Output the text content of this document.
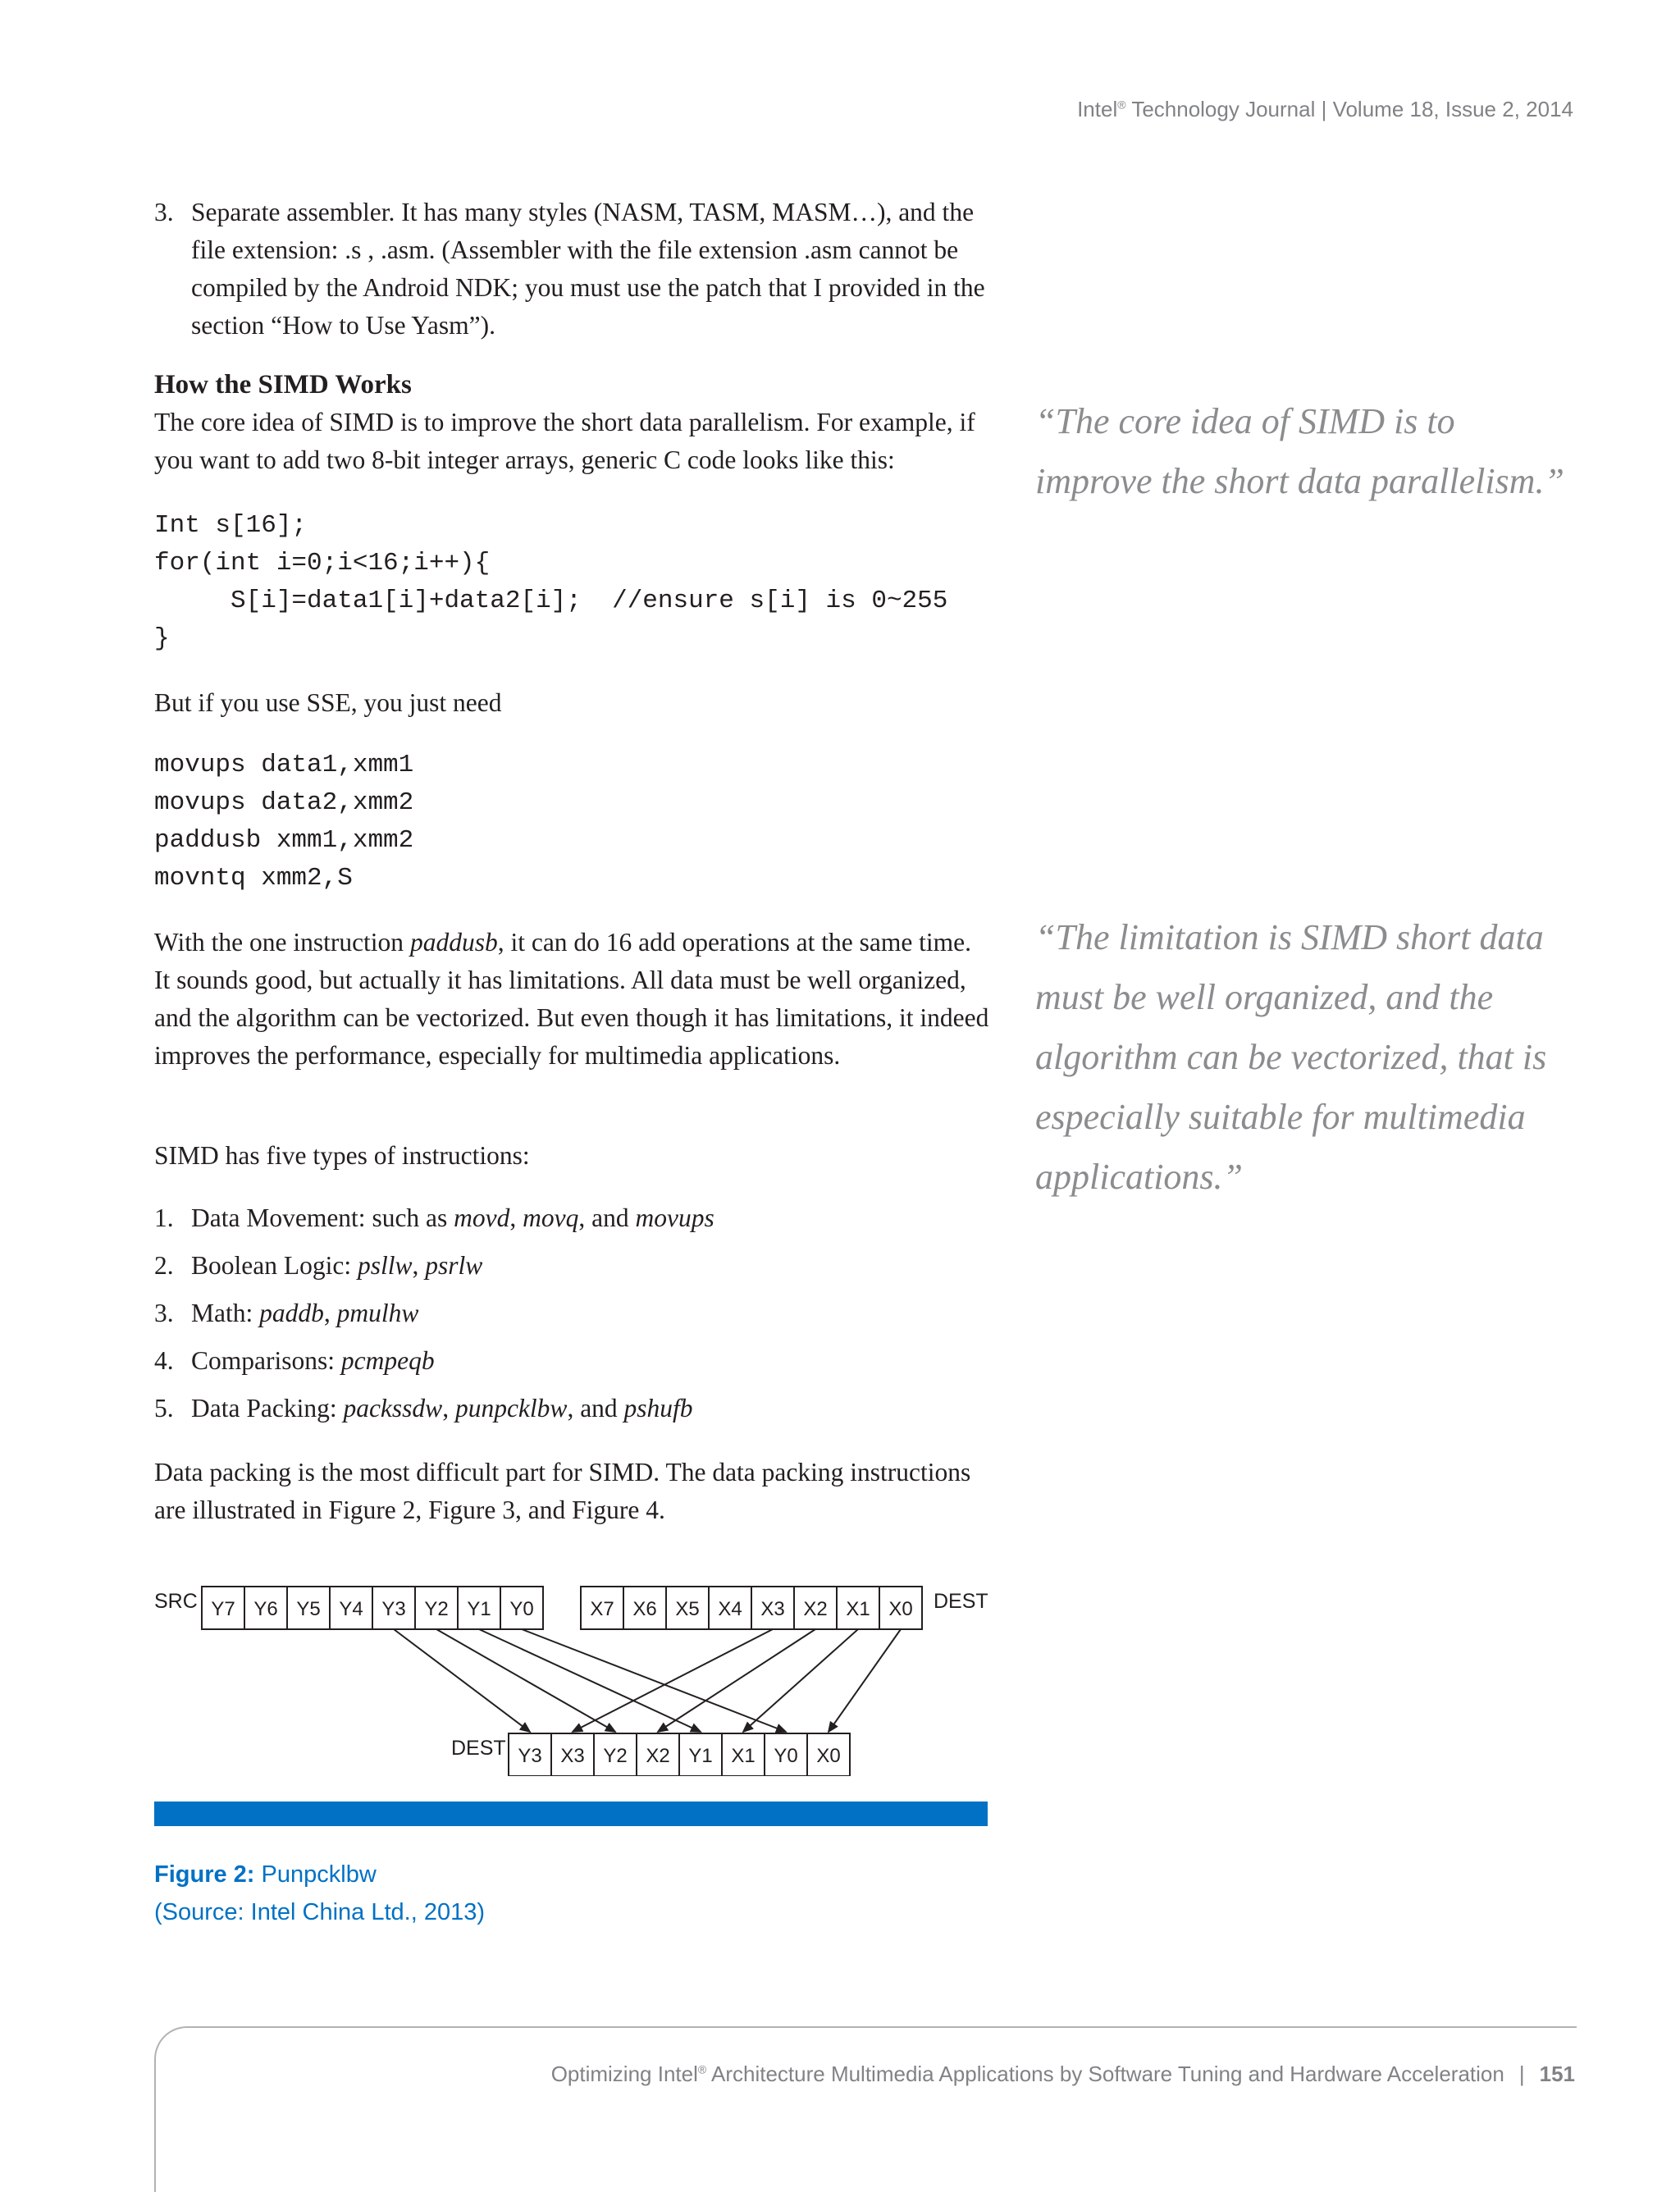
Intel® Technology Journal | Volume 18, Issue 2, 2014
3. Separate assembler. It has many styles (NASM, TASM, MASM…), and the file extension: .s , .asm. (Assembler with the file extension .asm cannot be compiled by the Android NDK; you must use the patch that I provided in the section “How to Use Yasm”).

How the SIMD Works

The core idea of SIMD is to improve the short data parallelism. For example, if you want to add two 8-bit integer arrays, generic C code looks like this:

Int s[16];
for(int i=0;i<16;i++){
S[i]=data1[i]+data2[i];  //ensure s[i] is 0~255
}

But if you use SSE, you just need

movups data1,xmm1
movups data2,xmm2
paddusb xmm1,xmm2
movntq xmm2,S

With the one instruction paddusb, it can do 16 add operations at the same time. It sounds good, but actually it has limitations. All data must be well organized, and the algorithm can be vectorized. But even though it has limitations, it indeed improves the performance, especially for multimedia applications.

SIMD has five types of instructions:

1. Data Movement: such as movd, movq, and movups
2. Boolean Logic: psllw, psrlw
3. Math: paddb, pmulhw
4. Comparisons: pcmpeqb
5. Data Packing: packssdw, punpcklbw, and pshufb

Data packing is the most difficult part for SIMD. The data packing instructions are illustrated in Figure 2, Figure 3, and Figure 4.

“The core idea of SIMD is to improve the short data parallelism.”
“The limitation is SIMD short data must be well organized, and the algorithm can be vectorized, that is especially suitable for multimedia applications.”
SRC Y7 Y6 Y5 Y4 Y3 Y2 Y1 Y0	X7 X6 X5 X4 X3 X2 X1 X0 DEST
DEST Y3 X3 Y2 X2 Y1 X1 Y0 X0
Figure 2: Punpcklbw
(Source: Intel China Ltd., 2013)
Optimizing Intel® Architecture Multimedia Applications by Software Tuning and Hardware Acceleration | 151
